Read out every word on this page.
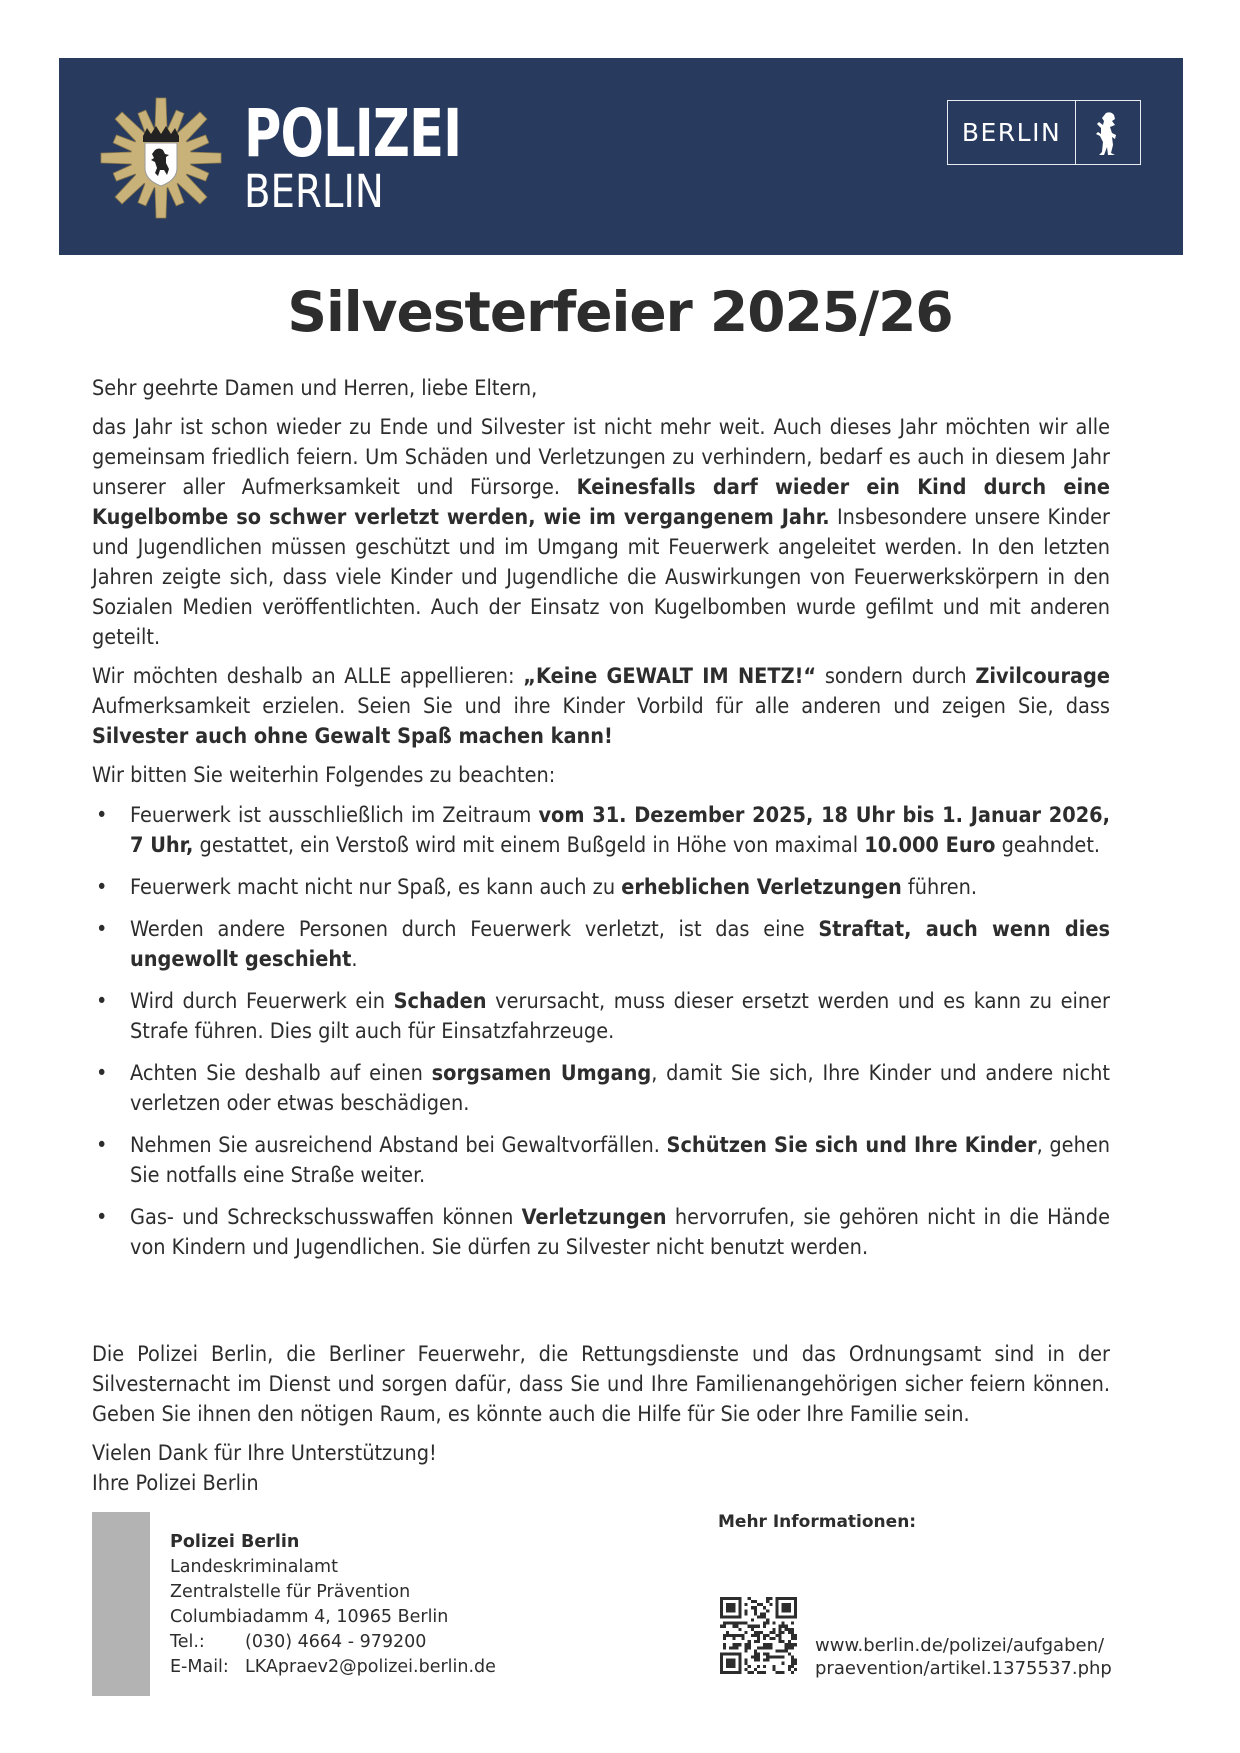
POLIZEI
BERLIN
BERLIN
Silvesterfeier 2025/26

Sehr geehrte Damen und Herren, liebe Eltern,

das Jahr ist schon wieder zu Ende und Silvester ist nicht mehr weit. Auch dieses Jahr möchten wir alle gemeinsam friedlich feiern. Um Schäden und Verletzungen zu verhindern, bedarf es auch in diesem Jahr unserer aller Aufmerksamkeit und Fürsorge. Keinesfalls darf wieder ein Kind durch eine Kugelbombe so schwer verletzt werden, wie im vergangenem Jahr. Insbesondere unsere Kinder und Jugendlichen müssen geschützt und im Umgang mit Feuerwerk angeleitet werden. In den letzten Jahren zeigte sich, dass viele Kinder und Jugendliche die Auswirkungen von Feuerwerkskörpern in den Sozialen Medien veröffentlichten. Auch der Einsatz von Kugelbomben wurde gefilmt und mit anderen geteilt.

Wir möchten deshalb an ALLE appellieren: „Keine GEWALT IM NETZ!“ sondern durch Zivilcourage Aufmerksamkeit erzielen. Seien Sie und ihre Kinder Vorbild für alle anderen und zeigen Sie, dass Silvester auch ohne Gewalt Spaß machen kann!

Wir bitten Sie weiterhin Folgendes zu beachten:

• Feuerwerk ist ausschließlich im Zeitraum vom 31. Dezember 2025, 18 Uhr bis 1. Januar 2026, 7 Uhr, gestattet, ein Verstoß wird mit einem Bußgeld in Höhe von maximal 10.000 Euro geahndet.
• Feuerwerk macht nicht nur Spaß, es kann auch zu erheblichen Verletzungen führen.
• Werden andere Personen durch Feuerwerk verletzt, ist das eine Straftat, auch wenn dies ungewollt geschieht.
• Wird durch Feuerwerk ein Schaden verursacht, muss dieser ersetzt werden und es kann zu einer Strafe führen. Dies gilt auch für Einsatzfahrzeuge.
• Achten Sie deshalb auf einen sorgsamen Umgang, damit Sie sich, Ihre Kinder und andere nicht verletzen oder etwas beschädigen.
• Nehmen Sie ausreichend Abstand bei Gewaltvorfällen. Schützen Sie sich und Ihre Kinder, gehen Sie notfalls eine Straße weiter.
• Gas- und Schreckschusswaffen können Verletzungen hervorrufen, sie gehören nicht in die Hände von Kindern und Jugendlichen. Sie dürfen zu Silvester nicht benutzt werden.

Die Polizei Berlin, die Berliner Feuerwehr, die Rettungsdienste und das Ordnungsamt sind in der Silvesternacht im Dienst und sorgen dafür, dass Sie und Ihre Familienangehörigen sicher feiern können. Geben Sie ihnen den nötigen Raum, es könnte auch die Hilfe für Sie oder Ihre Familie sein.

Vielen Dank für Ihre Unterstützung!
Ihre Polizei Berlin
Polizei Berlin
Landeskriminalamt
Zentralstelle für Prävention
Columbiadamm 4, 10965 Berlin
Tel.:	(030) 4664 - 979200
E-Mail: LKApraev2@polizei.berlin.de
Mehr Informationen:
www.berlin.de/polizei/aufgaben/
praevention/artikel.1375537.php
